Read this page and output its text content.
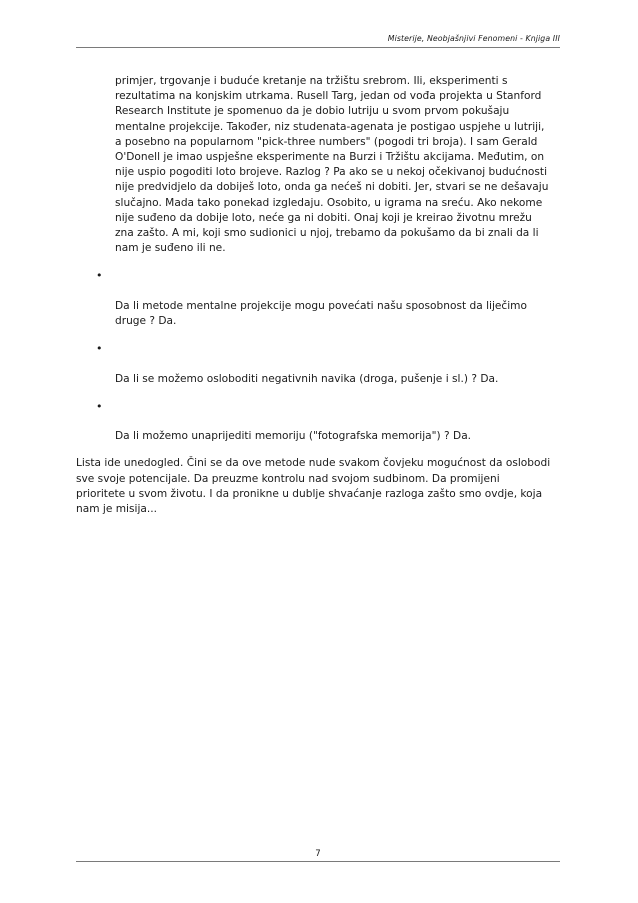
Misterije, Neobjašnjivi Fenomeni - Knjiga III

primjer, trgovanje i buduće kretanje na tržištu srebrom. Ili, eksperimenti s
rezultatima na konjskim utrkama. Rusell Targ, jedan od vođa projekta u Stanford
Research Institute je spomenuo da je dobio lutriju u svom prvom pokušaju
mentalne projekcije. Također, niz studenata-agenata je postigao uspjehe u lutriji,
a posebno na popularnom "pick-three numbers" (pogodi tri broja). I sam Gerald
O'Donell je imao uspješne eksperimente na Burzi i Tržištu akcijama. Međutim, on
nije uspio pogoditi loto brojeve. Razlog ? Pa ako se u nekoj očekivanoj budućnosti
nije predvidjelo da dobiješ loto, onda ga nećeš ni dobiti. Jer, stvari se ne dešavaju
slučajno. Mada tako ponekad izgledaju. Osobito, u igrama na sreću. Ako nekome
nije suđeno da dobije loto, neće ga ni dobiti. Onaj koji je kreirao životnu mrežu
zna zašto. A mi, koji smo sudionici u njoj, trebamo da pokušamo da bi znali da li
nam je suđeno ili ne.

•

Da li metode mentalne projekcije mogu povećati našu sposobnost da liječimo
druge ? Da.

•

Da li se možemo osloboditi negativnih navika (droga, pušenje i sl.) ? Da.

•

Da li možemo unaprijediti memoriju ("fotografska memorija") ? Da.

Lista ide unedogled. Čini se da ove metode nude svakom čovjeku mogućnost da oslobodi
sve svoje potencijale. Da preuzme kontrolu nad svojom sudbinom. Da promijeni
prioritete u svom životu. I da pronikne u dublje shvaćanje razloga zašto smo ovdje, koja
nam je misija...

7
